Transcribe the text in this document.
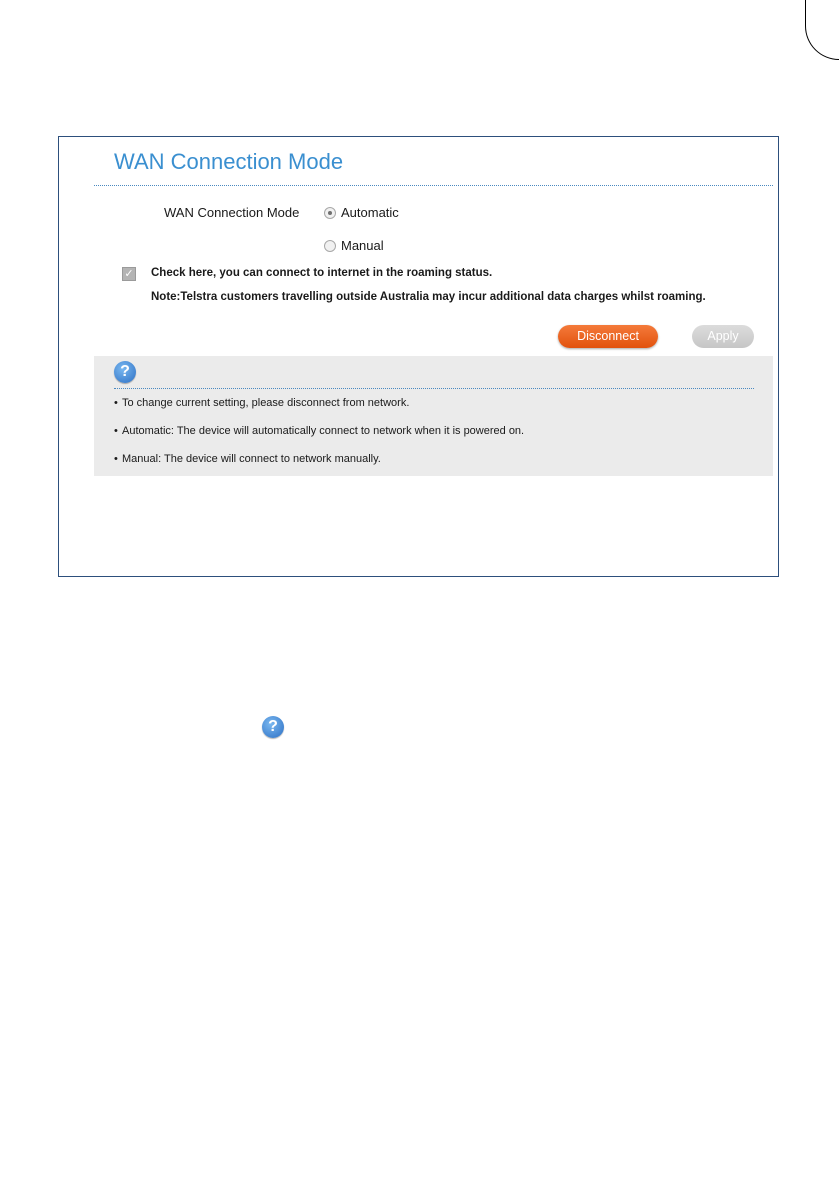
WAN Connection Mode
WAN Connection Mode	Automatic
Manual
✓ Check here, you can connect to internet in the roaming status.
Note:Telstra customers travelling outside Australia may incur additional data charges whilst roaming.
Disconnect	Apply
?
• To change current setting, please disconnect from network.
• Automatic: The device will automatically connect to network when it is powered on.
• Manual: The device will connect to network manually.
?
